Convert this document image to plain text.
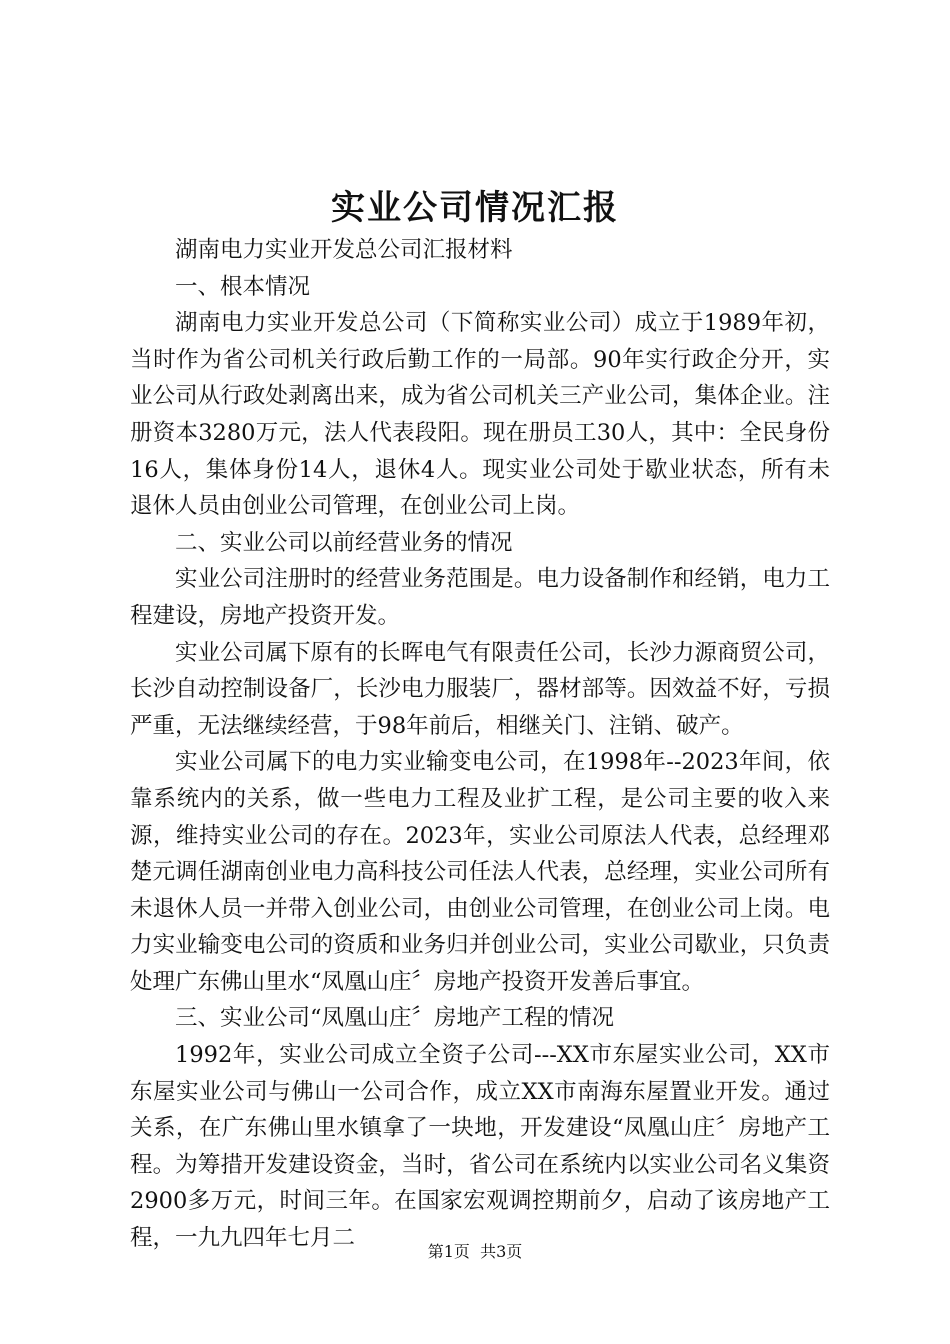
实业公司情况汇报

湖南电力实业开发总公司汇报材料

一、根本情况

湖南电力实业开发总公司（下简称实业公司）成立于1989年初，当时作为省公司机关行政后勤工作的一局部。90年实行政企分开，实业公司从行政处剥离出来，成为省公司机关三产业公司，集体企业。注册资本3280万元，法人代表段阳。现在册员工30人，其中：全民身份16人，集体身份14人，退休4人。现实业公司处于歇业状态，所有未退休人员由创业公司管理，在创业公司上岗。

二、实业公司以前经营业务的情况

实业公司注册时的经营业务范围是。电力设备制作和经销，电力工程建设，房地产投资开发。

实业公司属下原有的长晖电气有限责任公司，长沙力源商贸公司，长沙自动控制设备厂，长沙电力服装厂，器材部等。因效益不好，亏损严重，无法继续经营，于98年前后，相继关门、注销、破产。

实业公司属下的电力实业输变电公司，在1998年--2023年间，依靠系统内的关系，做一些电力工程及业扩工程，是公司主要的收入来源，维持实业公司的存在。2023年，实业公司原法人代表，总经理邓楚元调任湖南创业电力高科技公司任法人代表，总经理，实业公司所有未退休人员一并带入创业公司，由创业公司管理，在创业公司上岗。电力实业输变电公司的资质和业务归并创业公司，实业公司歇业，只负责处理广东佛山里水“凤凰山庄〞房地产投资开发善后事宜。

三、实业公司“凤凰山庄〞房地产工程的情况

1992年，实业公司成立全资子公司---XX市东屋实业公司，XX市东屋实业公司与佛山一公司合作，成立XX市南海东屋置业开发。通过关系，在广东佛山里水镇拿了一块地，开发建设“凤凰山庄〞房地产工程。为筹措开发建设资金，当时，省公司在系统内以实业公司名义集资2900多万元，时间三年。在国家宏观调控期前夕，启动了该房地产工程，一九九四年七月二

第1页 共3页
